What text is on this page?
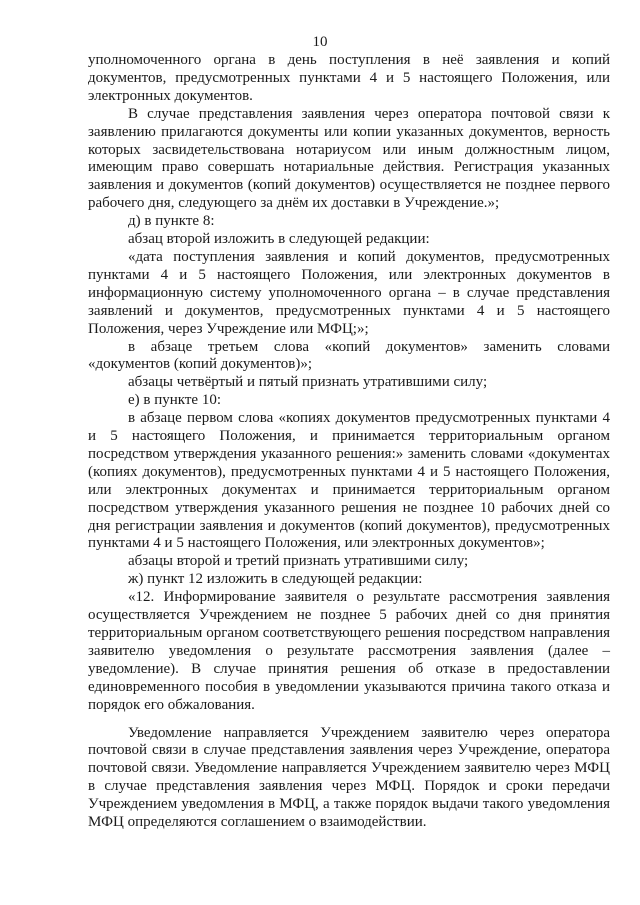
10

уполномоченного органа в день поступления в неё заявления и копий документов, предусмотренных пунктами 4 и 5 настоящего Положения, или электронных документов.

В случае представления заявления через оператора почтовой связи к заявлению прилагаются документы или копии указанных документов, верность которых засвидетельствована нотариусом или иным должностным лицом, имеющим право совершать нотариальные действия. Регистрация указанных заявления и документов (копий документов) осуществляется не позднее первого рабочего дня, следующего за днём их доставки в Учреждение.»;

д) в пункте 8:

абзац второй изложить в следующей редакции:

«дата поступления заявления и копий документов, предусмотренных пунктами 4 и 5 настоящего Положения, или электронных документов в информационную систему уполномоченного органа – в случае представления заявлений и документов, предусмотренных пунктами 4 и 5 настоящего Положения, через Учреждение или МФЦ;»;

в абзаце третьем слова «копий документов» заменить словами «документов (копий документов)»;

абзацы четвёртый и пятый признать утратившими силу;

е) в пункте 10:

в абзаце первом слова «копиях документов предусмотренных пунктами 4 и 5 настоящего Положения, и принимается территориальным органом посредством утверждения указанного решения:» заменить словами «документах (копиях документов), предусмотренных пунктами 4 и 5 настоящего Положения, или электронных документах и принимается территориальным органом посредством утверждения указанного решения не позднее 10 рабочих дней со дня регистрации заявления и документов (копий документов), предусмотренных пунктами 4 и 5 настоящего Положения, или электронных документов»;

абзацы второй и третий признать утратившими силу;

ж) пункт 12 изложить в следующей редакции:

«12. Информирование заявителя о результате рассмотрения заявления осуществляется Учреждением не позднее 5 рабочих дней со дня принятия территориальным органом соответствующего решения посредством направления заявителю уведомления о результате рассмотрения заявления (далее – уведомление). В случае принятия решения об отказе в предоставлении единовременного пособия в уведомлении указываются причина такого отказа и порядок его обжалования.

Уведомление направляется Учреждением заявителю через оператора почтовой связи в случае представления заявления через Учреждение, оператора почтовой связи. Уведомление направляется Учреждением заявителю через МФЦ в случае представления заявления через МФЦ. Порядок и сроки передачи Учреждением уведомления в МФЦ, а также порядок выдачи такого уведомления МФЦ определяются соглашением о взаимодействии.
